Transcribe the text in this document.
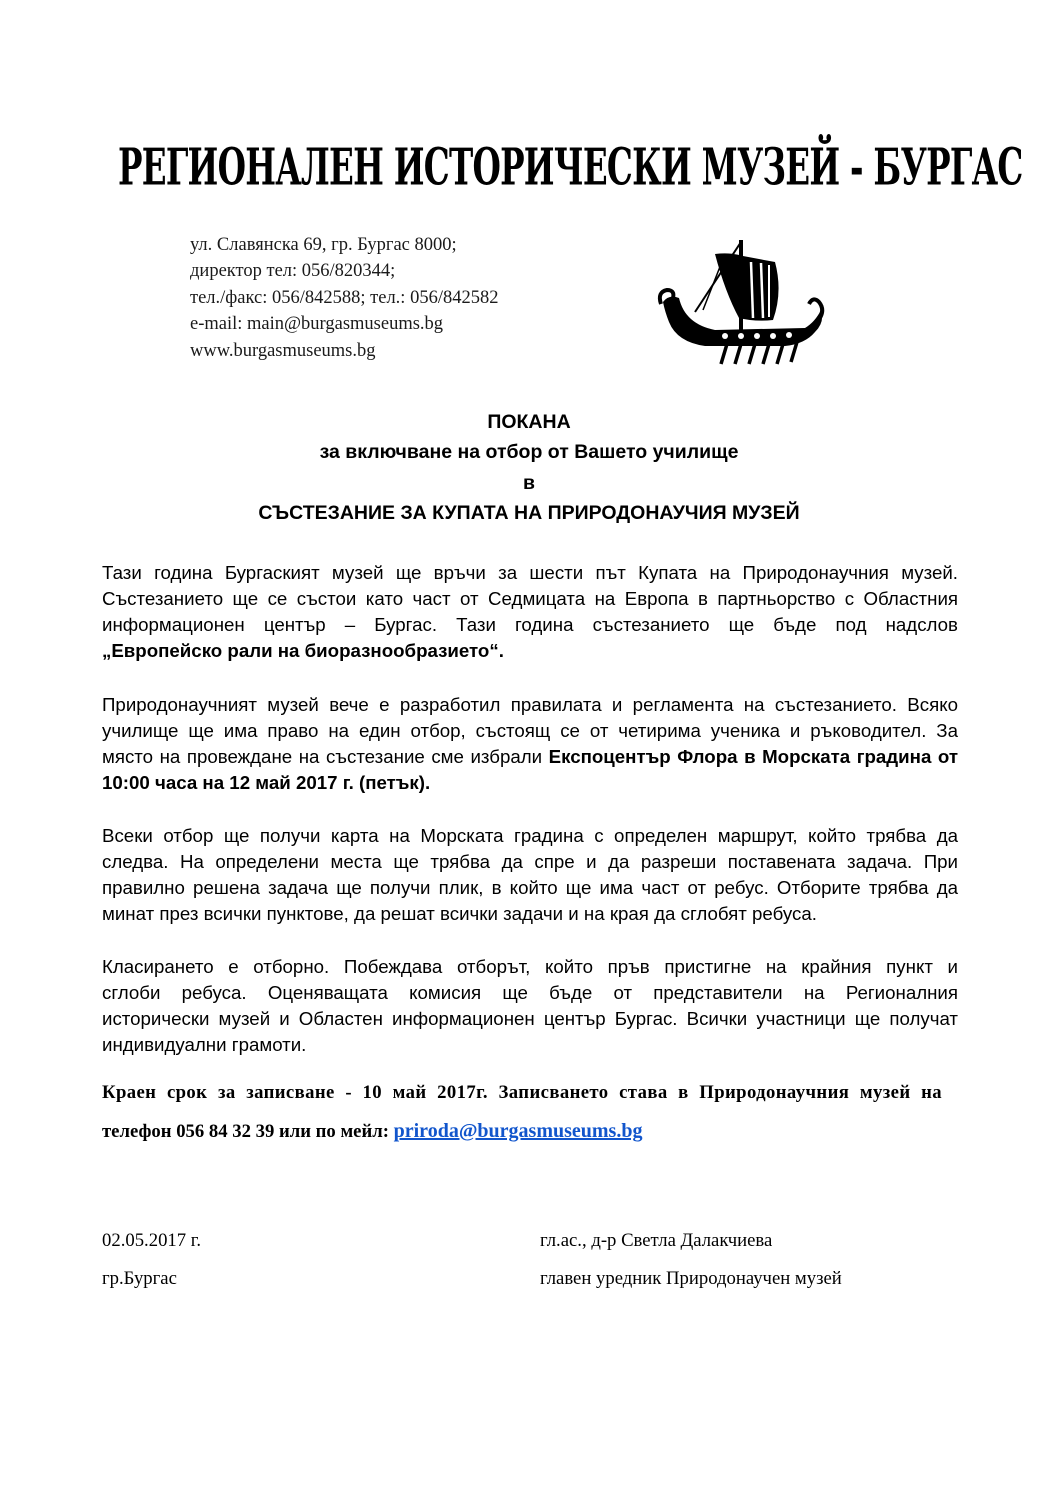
РЕГИОНАЛЕН ИСТОРИЧЕСКИ МУЗЕЙ - БУРГАС
ул. Славянска 69, гр. Бургас 8000;
директор тел: 056/820344;
тел./факс: 056/842588; тел.: 056/842582
e-mail: main@burgasmuseums.bg
www.burgasmuseums.bg
ПОКАНА
за включване на отбор от Вашето училище
в
СЪСТЕЗАНИЕ ЗА КУПАТА НА ПРИРОДОНАУЧИЯ МУЗЕЙ
Тази година Бургаският музей ще връчи за шести път Купата на Природонаучния музей.
Състезанието ще се състои като част от Седмицата на Европа в партньорство с Областния
информационен център – Бургас. Тази година състезанието ще бъде под надслов
„Европейско рали на биоразнообразието“.
Природонаучният музей вече е разработил правилата и регламента на състезанието. Всяко
училище ще има право на един отбор, състоящ се от четирима ученика и ръководител. За
място на провеждане на състезание сме избрали Експоцентър Флора в Морската градина от
10:00 часа на 12 май 2017 г. (петък).
Всеки отбор ще получи карта на Морската градина с определен маршрут, който трябва да
следва. На определени места ще трябва да спре и да разреши поставената задача. При
правилно решена задача ще получи плик, в който ще има част от ребус. Отборите трябва да
минат през всички пунктове, да решат всички задачи и на края да сглобят ребуса.
Класирането е отборно. Побеждава отборът, който пръв пристигне на крайния пункт и
сглоби ребуса. Оценяващата комисия ще бъде от представители на Регионалния
исторически музей и Областен информационен център Бургас. Всички участници ще получат
индивидуални грамоти.
Краен срок за записване - 10 май 2017г. Записването става в Природонаучния музей на
телефон 056 84 32 39 или по мейл: priroda@burgasmuseums.bg
02.05.2017 г.
гр.Бургас
гл.ас., д-р Светла Далакчиева
главен уредник Природонаучен музей
